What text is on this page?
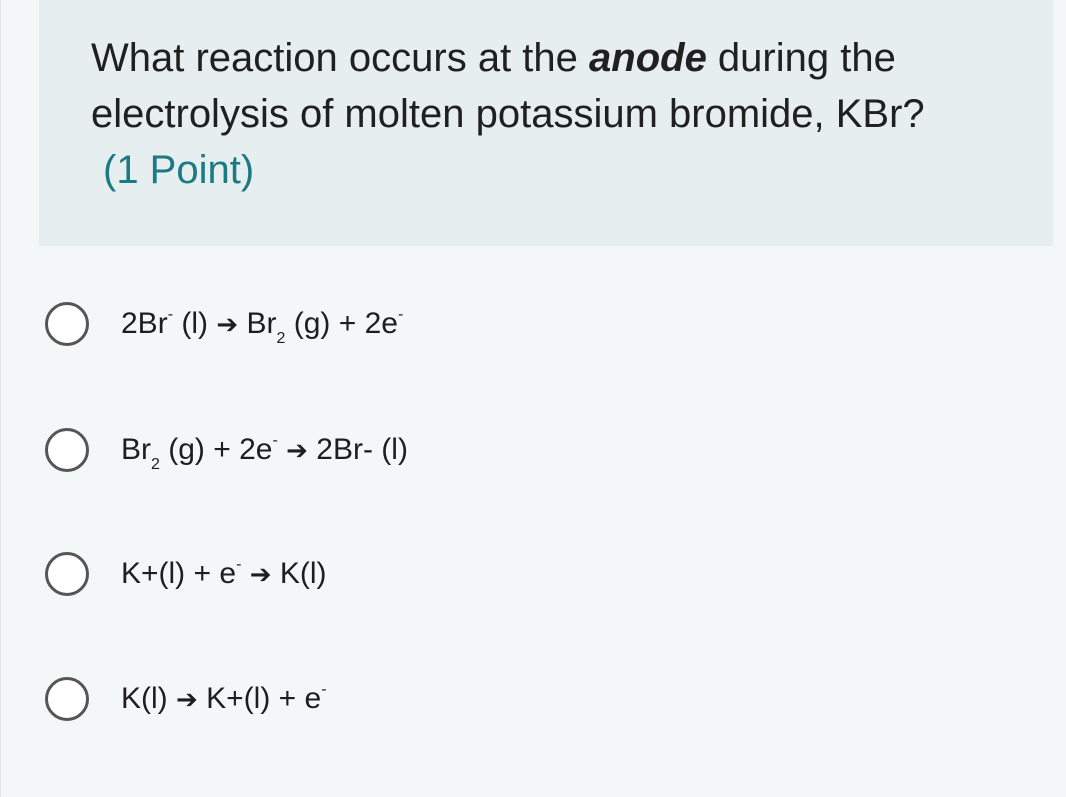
What reaction occurs at the anode during the electrolysis of molten potassium bromide, KBr?

(1 Point)

2Br- (l) ➔ $Br_2$ (g) + 2e-
$Br_2$ (g) + 2e- ➔ 2Br- (l)
K+(l) + e- ➔ K(l)
K(l) ➔ K+(l) + e-
